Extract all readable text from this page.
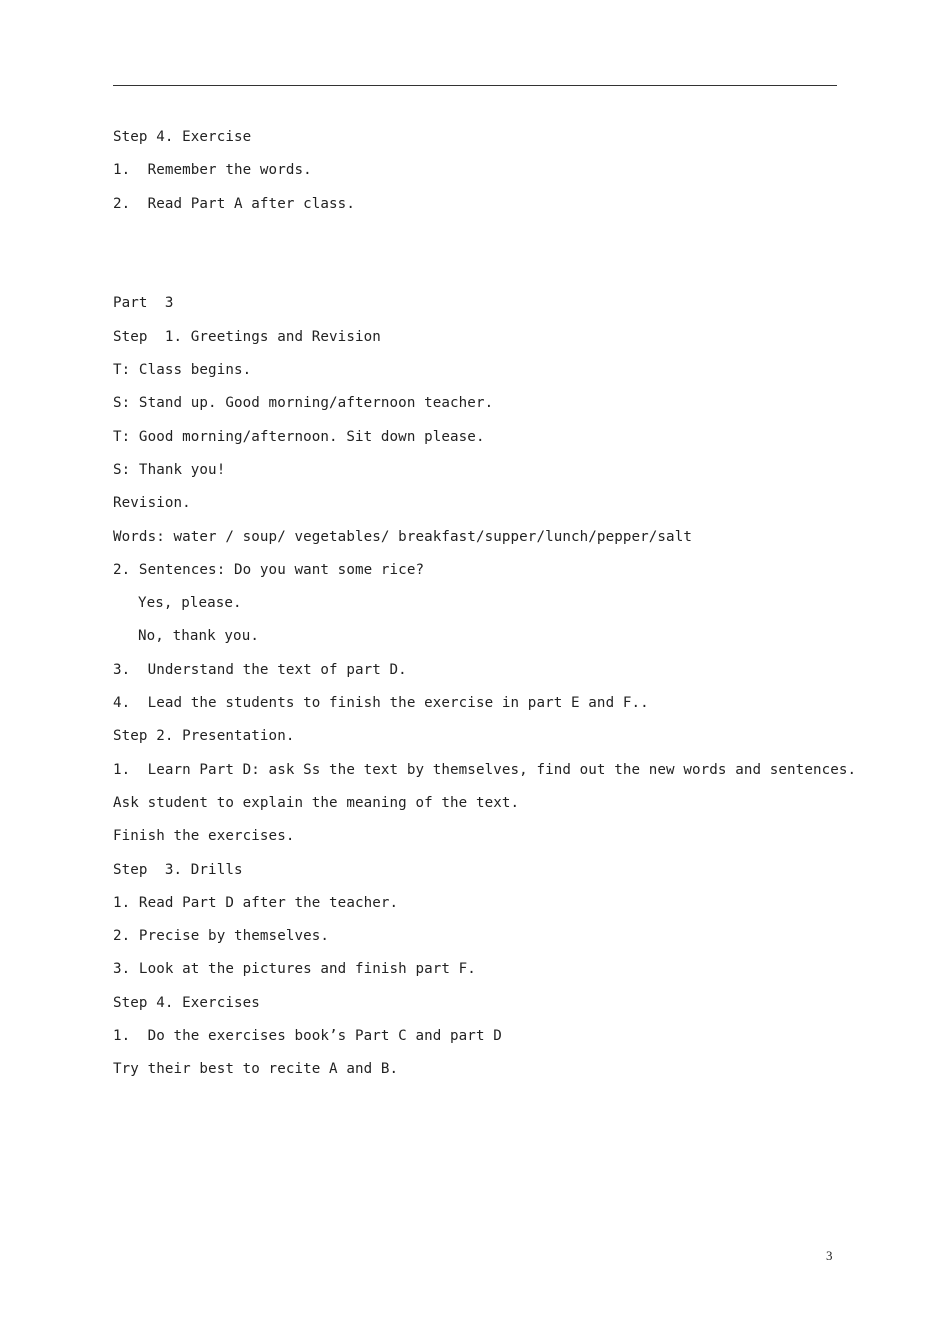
Step 4. Exercise
1.  Remember the words.
2.  Read Part A after class.
Part  3
Step  1. Greetings and Revision
T: Class begins.
S: Stand up. Good morning/afternoon teacher.
T: Good morning/afternoon. Sit down please.
S: Thank you!
Revision.
Words: water / soup/ vegetables/ breakfast/supper/lunch/pepper/salt
2. Sentences: Do you want some rice?
Yes, please.
No, thank you.
3.  Understand the text of part D.
4.  Lead the students to finish the exercise in part E and F..
Step 2. Presentation.
1.  Learn Part D: ask Ss the text by themselves, find out the new words and sentences.
Ask student to explain the meaning of the text.
Finish the exercises.
Step  3. Drills
1. Read Part D after the teacher.
2. Precise by themselves.
3. Look at the pictures and finish part F.
Step 4. Exercises
1.  Do the exercises book’s Part C and part D
Try their best to recite A and B.
3
